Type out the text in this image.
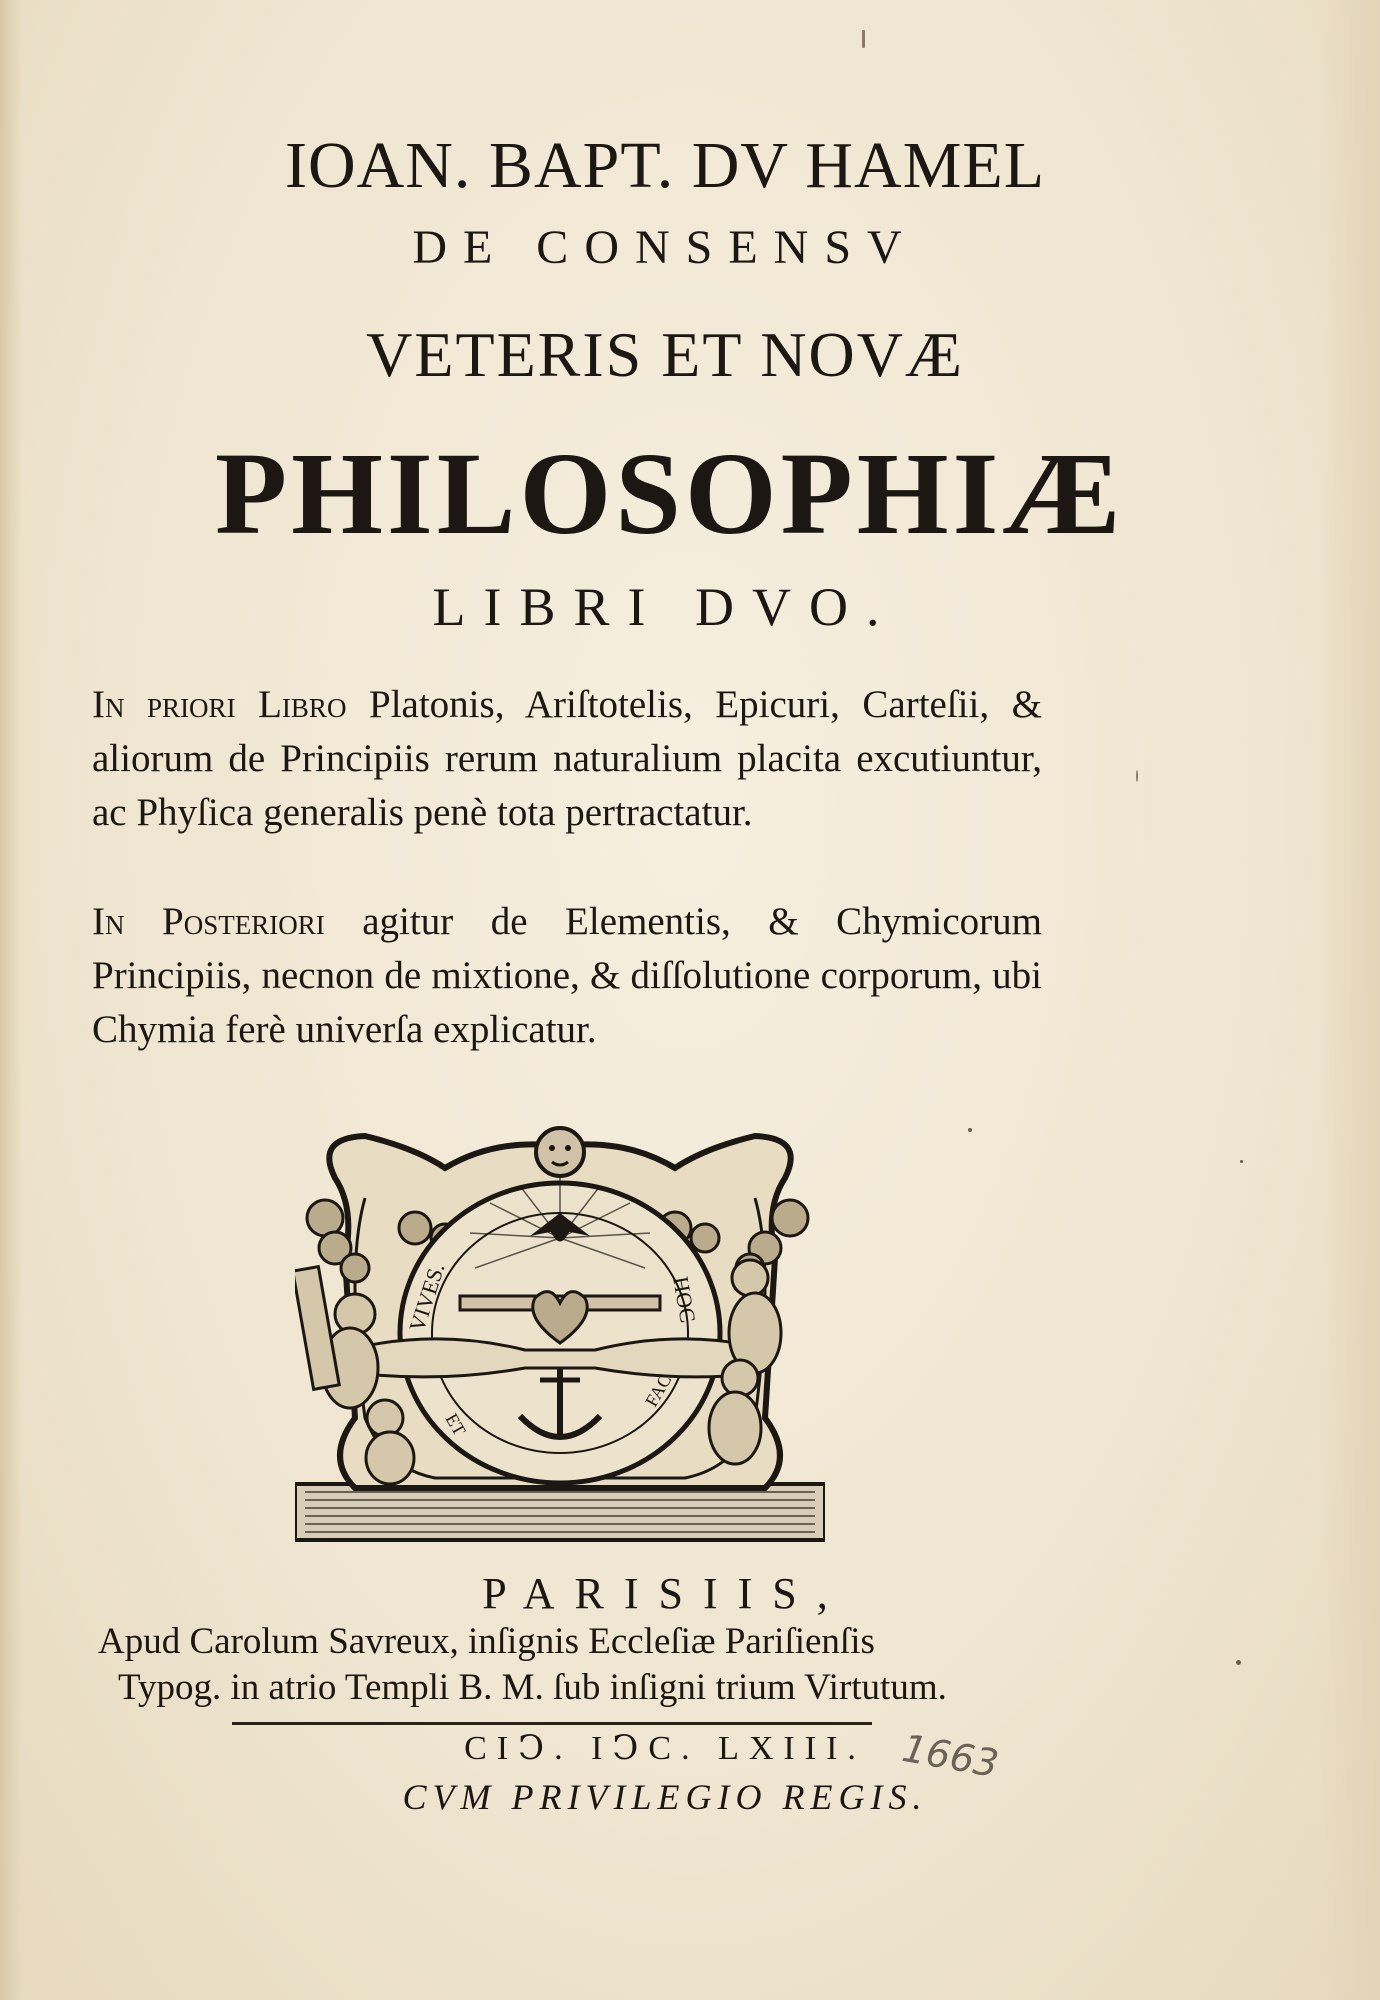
IOAN. BAPT. DV HAMEL
DE CONSENSV
VETERIS ET NOVÆ
PHILOSOPHIÆ
LIBRI DVO.
In priori Libro Platonis, Ariſtotelis, Epicuri, Carteſii, & aliorum de Principiis rerum naturalium placita excutiuntur, ac Phyſica generalis penè tota pertractatur.
In Posteriori agitur de Elementis, & Chymicorum Principiis, necnon de mixtione, & diſſolutione corporum, ubi Chymia ferè univerſa explicatur.
VIVES.	HOC
ET
FAC
PARISIIS,
Apud Carolum Savreux, inſignis Eccleſiæ Pariſienſis
Typog. in atrio Templi B. M. ſub inſigni trium Virtutum.
CIↃ. IↃC. LXIII.
CVM PRIVILEGIO REGIS.
1663
